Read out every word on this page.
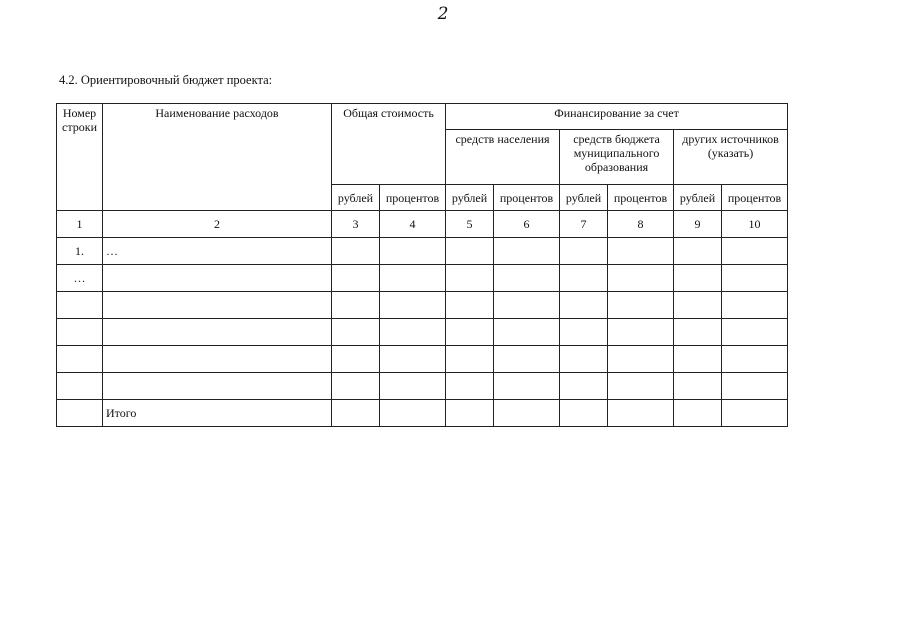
2
4.2. Ориентировочный бюджет проекта:
Номер строки	Наименование расходов	Общая стоимость		Финансирование за счет					
				средств населения		средств бюджета муниципального образования		других источников (указать)	
		рублей	процентов	рублей	процентов	рублей	процентов	рублей	процентов
1	2	3	4	5	6	7	8	9	10
1.	…								
…									

	Итого								
